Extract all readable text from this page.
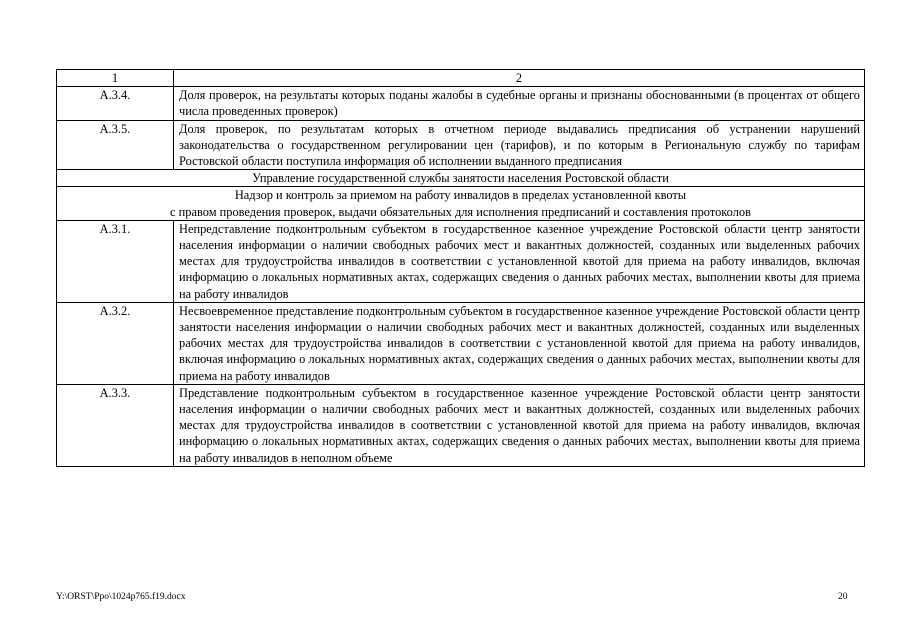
1	2
А.3.4.	Доля проверок, на результаты которых поданы жалобы в судебные органы и признаны обоснованными (в процентах от общего числа проведенных проверок)
А.3.5.	Доля проверок, по результатам которых в отчетном периоде выдавались предписания об устранении нарушений законодательства о государственном регулировании цен (тарифов), и по которым в Региональную службу по тарифам Ростовской области поступила информация об исполнении выданного предписания
Управление государственной службы занятости населения Ростовской области	

Надзор и контроль за приемом на работу инвалидов в пределах установленной квоты
с правом проведения проверок, выдачи обязательных для исполнения предписаний и составления протоколов	

А.3.1.	Непредставление подконтрольным субъектом в государственное казенное учреждение Ростовской области центр занятости населения информации о наличии свободных рабочих мест и вакантных должностей, созданных или выделенных рабочих местах для трудоустройства инвалидов в соответствии с установленной квотой для приема на работу инвалидов, включая информацию о локальных нормативных актах, содержащих сведения о данных рабочих местах, выполнении квоты для приема на работу инвалидов
А.3.2.	Несвоевременное представление подконтрольным субъектом в государственное казенное учреждение Ростовской области центр занятости населения информации о наличии свободных рабочих мест и вакантных должностей, созданных или выделенных рабочих местах для трудоустройства инвалидов в соответствии с установленной квотой для приема на работу инвалидов, включая информацию о локальных нормативных актах, содержащих сведения о данных рабочих местах, выполнении квоты для приема на работу инвалидов
А.3.3.	Представление подконтрольным субъектом в государственное казенное учреждение Ростовской области центр занятости населения информации о наличии свободных рабочих мест и вакантных должностей, созданных или выделенных рабочих местах для трудоустройства инвалидов в соответствии с установленной квотой для приема на работу инвалидов, включая информацию о локальных нормативных актах, содержащих сведения о данных рабочих местах, выполнении квоты для приема на работу инвалидов в неполном объеме
Y:\ORST\Ppo\1024p765.f19.docx	20
